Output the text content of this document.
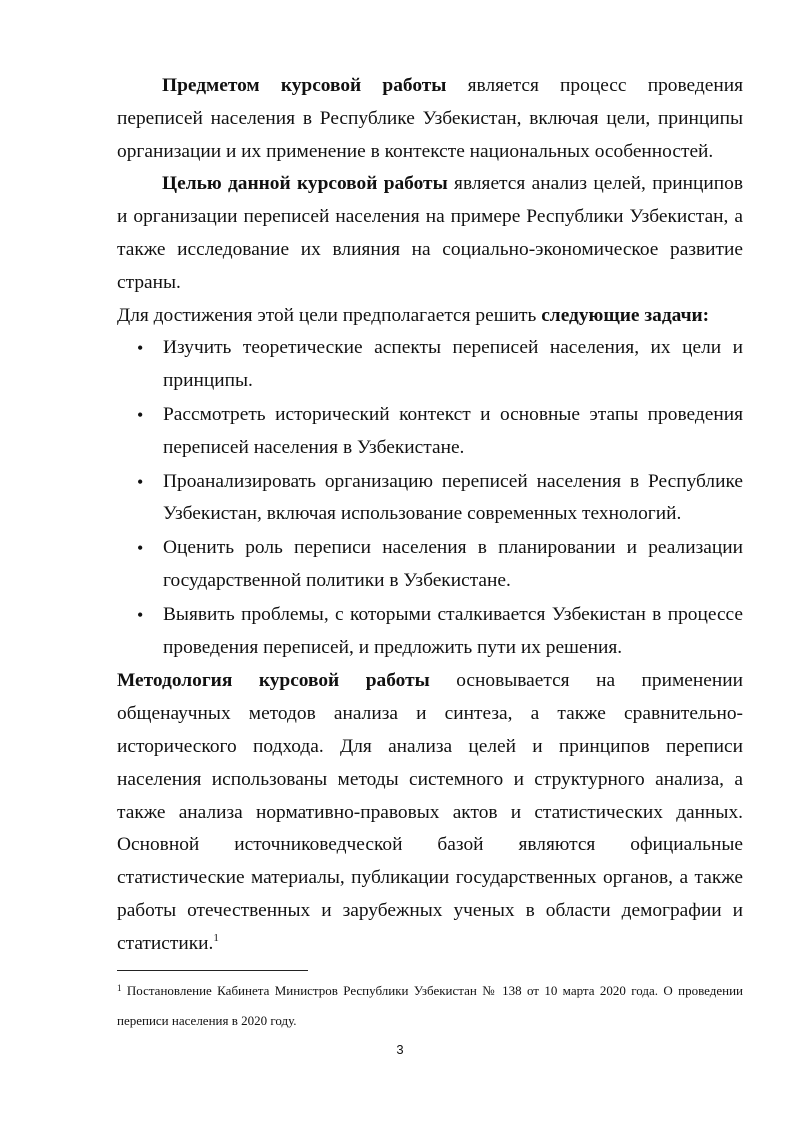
Предметом курсовой работы является процесс проведения переписей населения в Республике Узбекистан, включая цели, принципы организации и их применение в контексте национальных особенностей.

Целью данной курсовой работы является анализ целей, принципов и организации переписей населения на примере Республики Узбекистан, а также исследование их влияния на социально-экономическое развитие страны.

Для достижения этой цели предполагается решить следующие задачи:

• Изучить теоретические аспекты переписей населения, их цели и принципы.
• Рассмотреть исторический контекст и основные этапы проведения переписей населения в Узбекистане.
• Проанализировать организацию переписей населения в Республике Узбекистан, включая использование современных технологий.
• Оценить роль переписи населения в планировании и реализации государственной политики в Узбекистане.
• Выявить проблемы, с которыми сталкивается Узбекистан в процессе проведения переписей, и предложить пути их решения.

Методология курсовой работы основывается на применении общенаучных методов анализа и синтеза, а также сравнительно-исторического подхода. Для анализа целей и принципов переписи населения использованы методы системного и структурного анализа, а также анализа нормативно-правовых актов и статистических данных. Основной источниковедческой базой являются официальные статистические материалы, публикации государственных органов, а также работы отечественных и зарубежных ученых в области демографии и статистики.$^1$

$^1$ Постановление Кабинета Министров Республики Узбекистан № 138 от 10 марта 2020 года. О проведении переписи населения в 2020 году.
3
